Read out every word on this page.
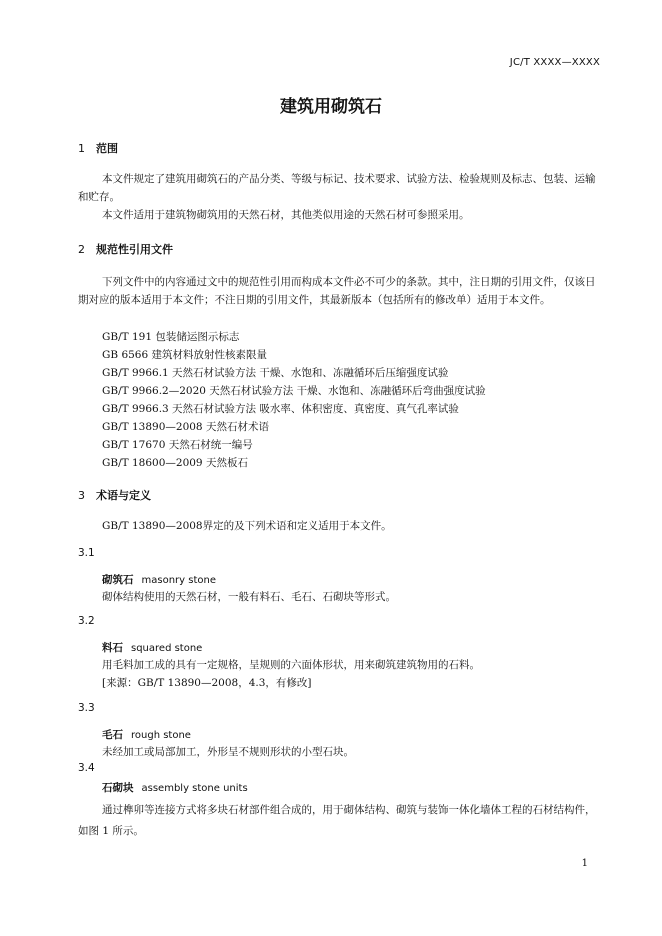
JC/T XXXX—XXXX
建筑用砌筑石
1 范围
本文件规定了建筑用砌筑石的产品分类、等级与标记、技术要求、试验方法、检验规则及标志、包装、运输和贮存。
本文件适用于建筑物砌筑用的天然石材，其他类似用途的天然石材可参照采用。
2 规范性引用文件
下列文件中的内容通过文中的规范性引用而构成本文件必不可少的条款。其中，注日期的引用文件，仅该日期对应的版本适用于本文件；不注日期的引用文件，其最新版本（包括所有的修改单）适用于本文件。
GB/T 191 包装储运图示标志
GB 6566 建筑材料放射性核素限量
GB/T 9966.1 天然石材试验方法 干燥、水饱和、冻融循环后压缩强度试验
GB/T 9966.2—2020 天然石材试验方法 干燥、水饱和、冻融循环后弯曲强度试验
GB/T 9966.3 天然石材试验方法 吸水率、体积密度、真密度、真气孔率试验
GB/T 13890—2008 天然石材术语
GB/T 17670 天然石材统一编号
GB/T 18600—2009 天然板石
3 术语与定义
GB/T 13890—2008界定的及下列术语和定义适用于本文件。
3.1
砌筑石 masonry stone
砌体结构使用的天然石材，一般有料石、毛石、石砌块等形式。
3.2
料石 squared stone
用毛料加工成的具有一定规格，呈规则的六面体形状，用来砌筑建筑物用的石料。
[来源：GB/T 13890—2008，4.3，有修改]
3.3
毛石 rough stone
未经加工或局部加工，外形呈不规则形状的小型石块。
3.4
石砌块 assembly stone units
通过榫卯等连接方式将多块石材部件组合成的，用于砌体结构、砌筑与装饰一体化墙体工程的石材结构件，如图 1 所示。
1
